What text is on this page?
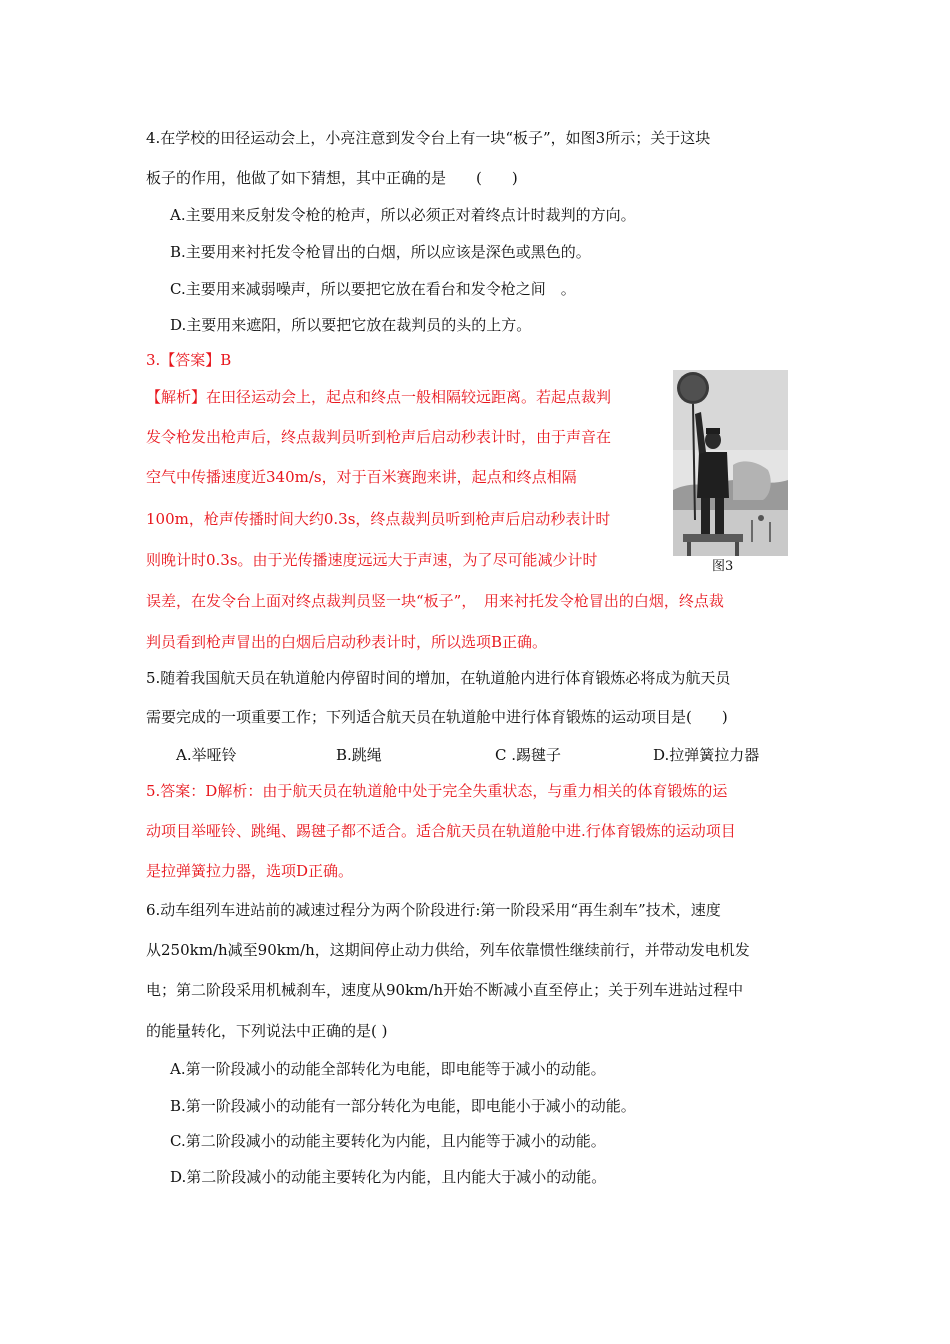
4.在学校的田径运动会上，小亮注意到发令台上有一块“板子”，如图3所示；关于这块
板子的作用，他做了如下猜想，其中正确的是　　(　　)
A.主要用来反射发令枪的枪声，所以必须正对着终点计时裁判的方向。
B.主要用来衬托发令枪冒出的白烟，所以应该是深色或黑色的。
C.主要用来减弱噪声，所以要把它放在看台和发令枪之间　。
D.主要用来遮阳，所以要把它放在裁判员的头的上方。
3.【答案】B
【解析】在田径运动会上，起点和终点一般相隔较远距离。若起点裁判
发令枪发出枪声后，终点裁判员听到枪声后启动秒表计时，由于声音在
空气中传播速度近340m/s，对于百米赛跑来讲，起点和终点相隔
100m，枪声传播时间大约0.3s，终点裁判员听到枪声后启动秒表计时
则晚计时0.3s。由于光传播速度远远大于声速，为了尽可能减少计时
误差，在发令台上面对终点裁判员竖一块“板子”，　用来衬托发令枪冒出的白烟，终点裁
判员看到枪声冒出的白烟后启动秒表计时，所以选项B正确。
图3
5.随着我国航天员在轨道舱内停留时间的增加，在轨道舱内进行体育锻炼必将成为航天员
需要完成的一项重要工作；下列适合航天员在轨道舱中进行体育锻炼的运动项目是(　　)
A.举哑铃	B.跳绳	C .踢毽子	D.拉弹簧拉力器
5.答案：D解析：由于航天员在轨道舱中处于完全失重状态，与重力相关的体育锻炼的运
动项目举哑铃、跳绳、踢毽子都不适合。适合航天员在轨道舱中进.行体育锻炼的运动项目
是拉弹簧拉力器，选项D正确。
6.动车组列车进站前的减速过程分为两个阶段进行:第一阶段采用“再生刹车”技术，速度
从250km/h减至90km/h，这期间停止动力供给，列车依靠惯性继续前行，并带动发电机发
电；第二阶段采用机械刹车，速度从90km/h开始不断减小直至停止；关于列车进站过程中
的能量转化，下列说法中正确的是( )
A.第一阶段减小的动能全部转化为电能，即电能等于减小的动能。
B.第一阶段减小的动能有一部分转化为电能，即电能小于减小的动能。
C.第二阶段减小的动能主要转化为内能，且内能等于减小的动能。
D.第二阶段减小的动能主要转化为内能，且内能大于减小的动能。
